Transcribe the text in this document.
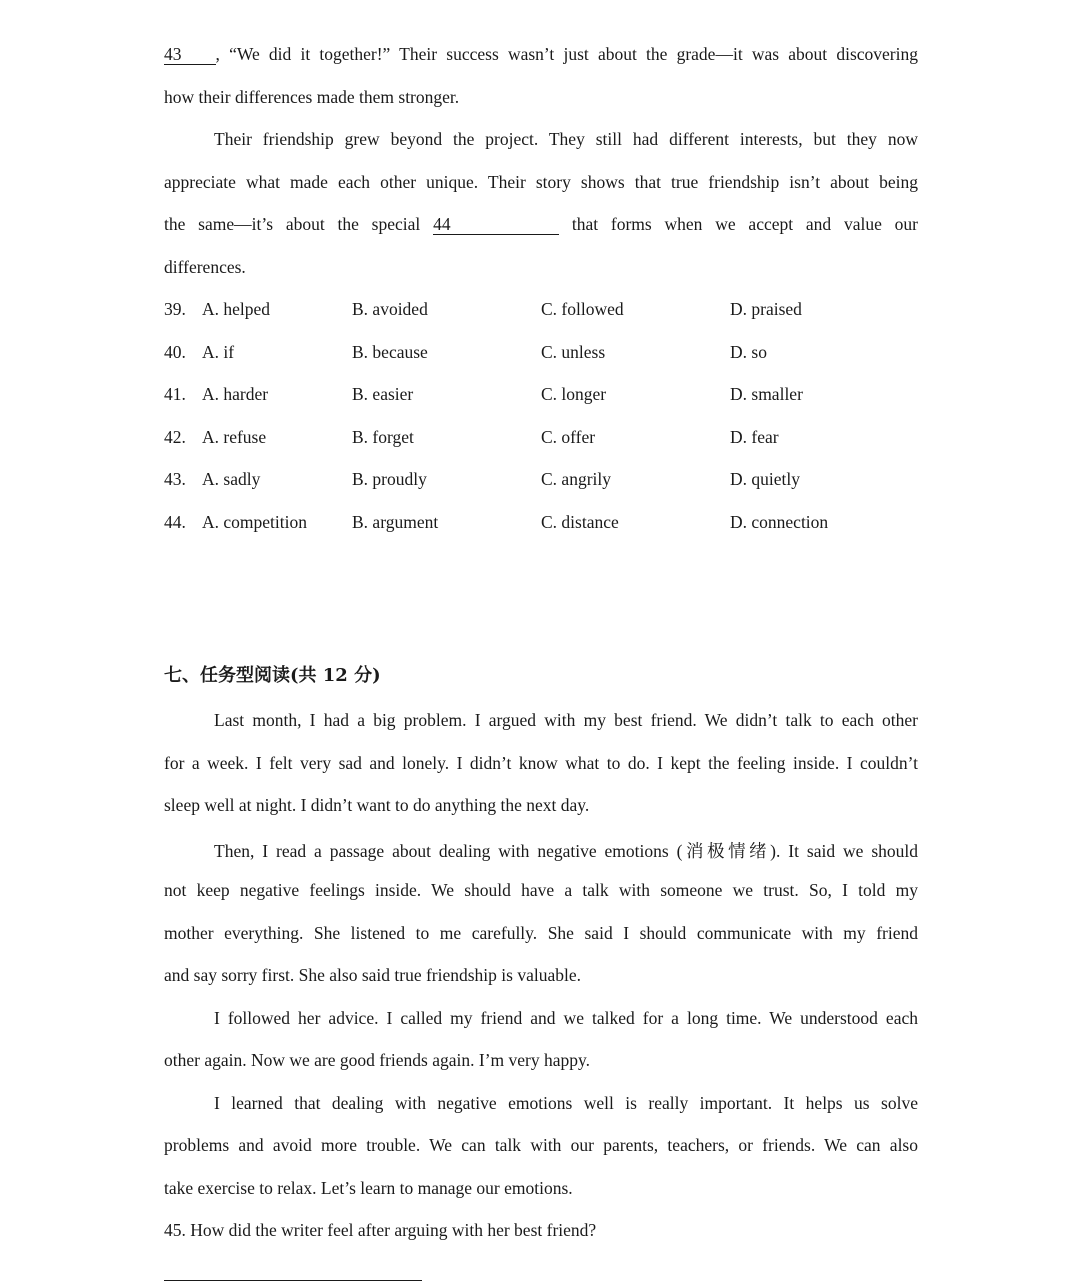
43 , “We did it together!” Their success wasn’t just about the grade—it was about discovering
how their differences made them stronger.
Their friendship grew beyond the project. They still had different interests, but they now
appreciate what made each other unique. Their story shows that true friendship isn’t about being
the same—it’s about the special 44	that forms when we accept and value our
differences.
39. A. helped	B. avoided	C. followed	D. praised
40. A. if	B. because	C. unless	D. so
41. A. harder	B. easier	C. longer	D. smaller
42. A. refuse	B. forget	C. offer	D. fear
43. A. sadly	B. proudly	C. angrily	D. quietly
44. A. competition	B. argument	C. distance	D. connection
七、任务型阅读(共 12 分)
Last month, I had a big problem. I argued with my best friend. We didn’t talk to each other
for a week. I felt very sad and lonely. I didn’t know what to do. I kept the feeling inside. I couldn’t
sleep well at night. I didn’t want to do anything the next day.
Then, I read a passage about dealing with negative emotions (消极情绪). It said we should
not keep negative feelings inside. We should have a talk with someone we trust. So, I told my
mother everything. She listened to me carefully. She said I should communicate with my friend
and say sorry first. She also said true friendship is valuable.
I followed her advice. I called my friend and we talked for a long time. We understood each
other again. Now we are good friends again. I’m very happy.
I learned that dealing with negative emotions well is really important. It helps us solve
problems and avoid more trouble. We can talk with our parents, teachers, or friends. We can also
take exercise to relax. Let’s learn to manage our emotions.
45. How did the writer feel after arguing with her best friend?
